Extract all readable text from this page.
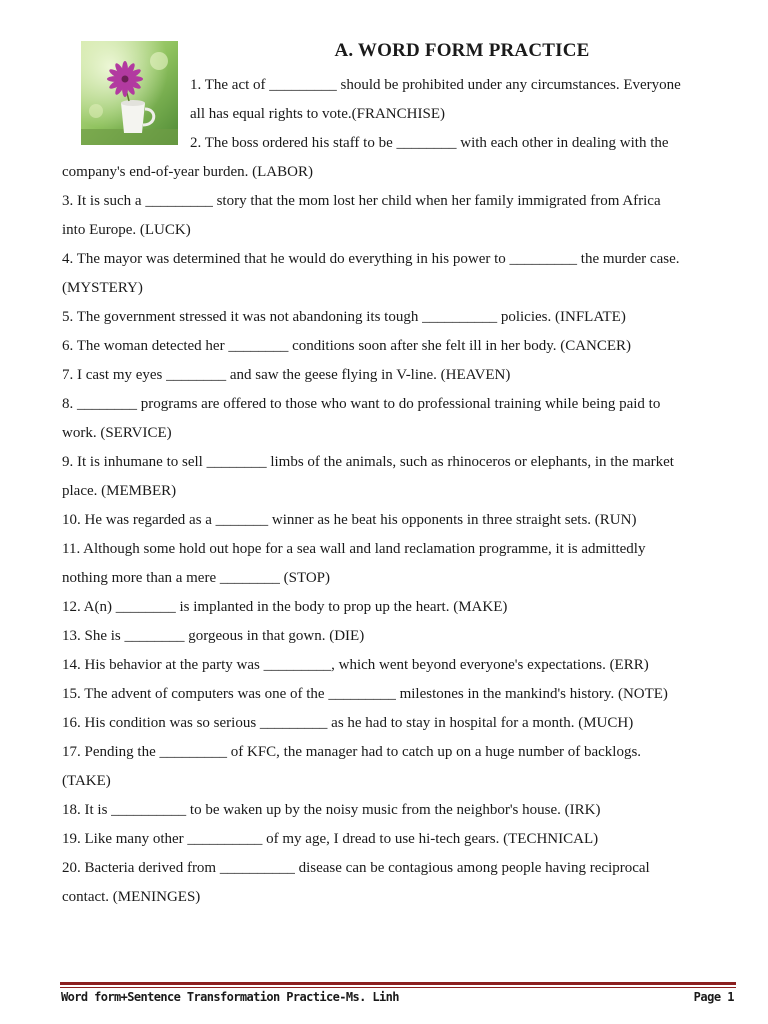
A. WORD FORM PRACTICE
1. The act of _________ should be prohibited under any circumstances. Everyone
all has equal rights to vote.(FRANCHISE)
2. The boss ordered his staff to be ________ with each other in dealing with the
company's end-of-year burden. (LABOR)
3. It is such a _________ story that the mom lost her child when her family immigrated from Africa
into Europe. (LUCK)
4. The mayor was determined that he would do everything in his power to _________ the murder case.
(MYSTERY)
5. The government stressed it was not abandoning its tough __________ policies. (INFLATE)
6. The woman detected her ________ conditions soon after she felt ill in her body. (CANCER)
7. I cast my eyes ________ and saw the geese flying in V-line. (HEAVEN)
8. ________ programs are offered to those who want to do professional training while being paid to
work. (SERVICE)
9. It is inhumane to sell ________ limbs of the animals, such as rhinoceros or elephants, in the market
place. (MEMBER)
10. He was regarded as a _______ winner as he beat his opponents in three straight sets. (RUN)
11. Although some hold out hope for a sea wall and land reclamation programme, it is admittedly
nothing more than a mere ________ (STOP)
12. A(n) ________ is implanted in the body to prop up the heart. (MAKE)
13. She is ________ gorgeous in that gown. (DIE)
14. His behavior at the party was _________, which went beyond everyone's expectations. (ERR)
15. The advent of computers was one of the _________ milestones in the mankind's history. (NOTE)
16. His condition was so serious _________ as he had to stay in hospital for a month. (MUCH)
17. Pending the _________ of KFC, the manager had to catch up on a huge number of backlogs.
(TAKE)
18. It is __________ to be waken up by the noisy music from the neighbor's house. (IRK)
19. Like many other __________ of my age, I dread to use hi-tech gears. (TECHNICAL)
20. Bacteria derived from __________ disease can be contagious among people having reciprocal
contact. (MENINGES)
Word form+Sentence Transformation Practice-Ms. Linh	Page 1
